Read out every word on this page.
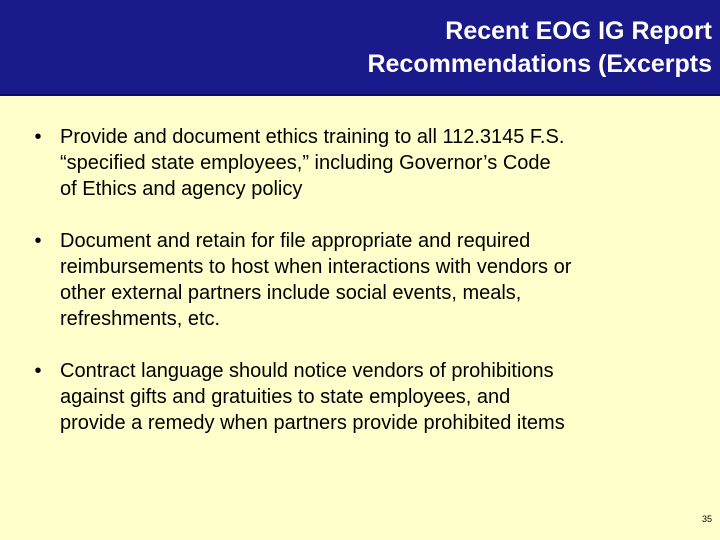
Recent EOG IG Report
Recommendations (Excerpts
• Provide and document ethics training to all 112.3145 F.S.
“specified state employees,” including Governor’s Code
of Ethics and agency policy
• Document and retain for file appropriate and required
reimbursements to host when interactions with vendors or
other external partners include social events, meals,
refreshments, etc.
• Contract language should notice vendors of prohibitions
against gifts and gratuities to state employees, and
provide a remedy when partners provide prohibited items
35
